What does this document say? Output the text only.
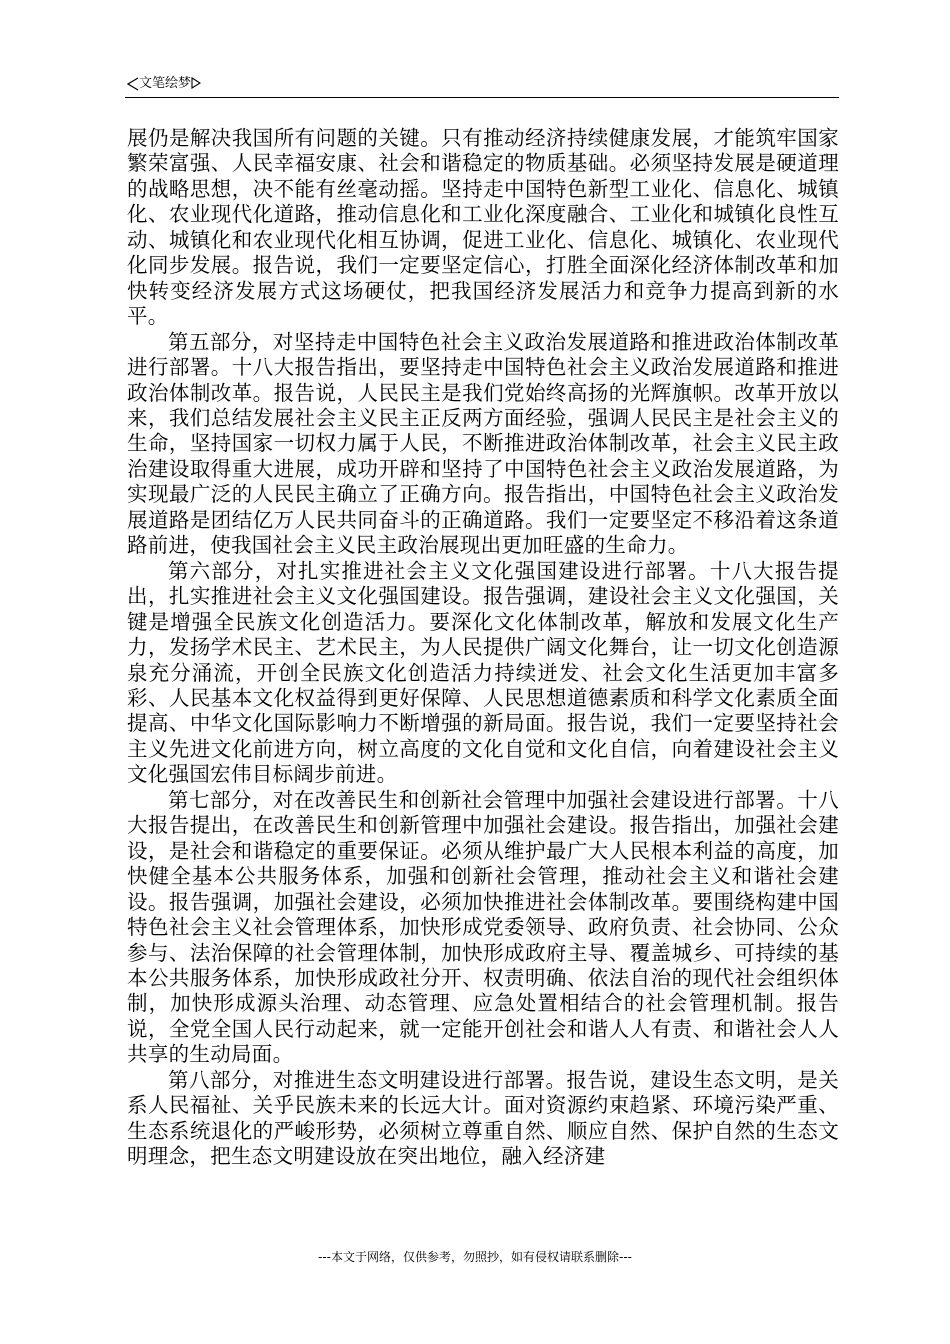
文笔绘梦

展仍是解决我国所有问题的关键。只有推动经济持续健康发展，才能筑牢国家繁荣富强、人民幸福安康、社会和谐稳定的物质基础。必须坚持发展是硬道理的战略思想，决不能有丝毫动摇。坚持走中国特色新型工业化、信息化、城镇化、农业现代化道路，推动信息化和工业化深度融合、工业化和城镇化良性互动、城镇化和农业现代化相互协调，促进工业化、信息化、城镇化、农业现代化同步发展。报告说，我们一定要坚定信心，打胜全面深化经济体制改革和加快转变经济发展方式这场硬仗，把我国经济发展活力和竞争力提高到新的水平。

第五部分，对坚持走中国特色社会主义政治发展道路和推进政治体制改革进行部署。十八大报告指出，要坚持走中国特色社会主义政治发展道路和推进政治体制改革。报告说，人民民主是我们党始终高扬的光辉旗帜。改革开放以来，我们总结发展社会主义民主正反两方面经验，强调人民民主是社会主义的生命，坚持国家一切权力属于人民，不断推进政治体制改革，社会主义民主政治建设取得重大进展，成功开辟和坚持了中国特色社会主义政治发展道路，为实现最广泛的人民民主确立了正确方向。报告指出，中国特色社会主义政治发展道路是团结亿万人民共同奋斗的正确道路。我们一定要坚定不移沿着这条道路前进，使我国社会主义民主政治展现出更加旺盛的生命力。

第六部分，对扎实推进社会主义文化强国建设进行部署。十八大报告提出，扎实推进社会主义文化强国建设。报告强调，建设社会主义文化强国，关键是增强全民族文化创造活力。要深化文化体制改革，解放和发展文化生产力，发扬学术民主、艺术民主，为人民提供广阔文化舞台，让一切文化创造源泉充分涌流，开创全民族文化创造活力持续迸发、社会文化生活更加丰富多彩、人民基本文化权益得到更好保障、人民思想道德素质和科学文化素质全面提高、中华文化国际影响力不断增强的新局面。报告说，我们一定要坚持社会主义先进文化前进方向，树立高度的文化自觉和文化自信，向着建设社会主义文化强国宏伟目标阔步前进。

第七部分，对在改善民生和创新社会管理中加强社会建设进行部署。十八大报告提出，在改善民生和创新管理中加强社会建设。报告指出，加强社会建设，是社会和谐稳定的重要保证。必须从维护最广大人民根本利益的高度，加快健全基本公共服务体系，加强和创新社会管理，推动社会主义和谐社会建设。报告强调，加强社会建设，必须加快推进社会体制改革。要围绕构建中国特色社会主义社会管理体系，加快形成党委领导、政府负责、社会协同、公众参与、法治保障的社会管理体制，加快形成政府主导、覆盖城乡、可持续的基本公共服务体系，加快形成政社分开、权责明确、依法自治的现代社会组织体制，加快形成源头治理、动态管理、应急处置相结合的社会管理机制。报告说，全党全国人民行动起来，就一定能开创社会和谐人人有责、和谐社会人人共享的生动局面。

第八部分，对推进生态文明建设进行部署。报告说，建设生态文明，是关系人民福祉、关乎民族未来的长远大计。面对资源约束趋紧、环境污染严重、生态系统退化的严峻形势，必须树立尊重自然、顺应自然、保护自然的生态文明理念，把生态文明建设放在突出地位，融入经济建

---本文于网络，仅供参考，勿照抄，如有侵权请联系删除---
